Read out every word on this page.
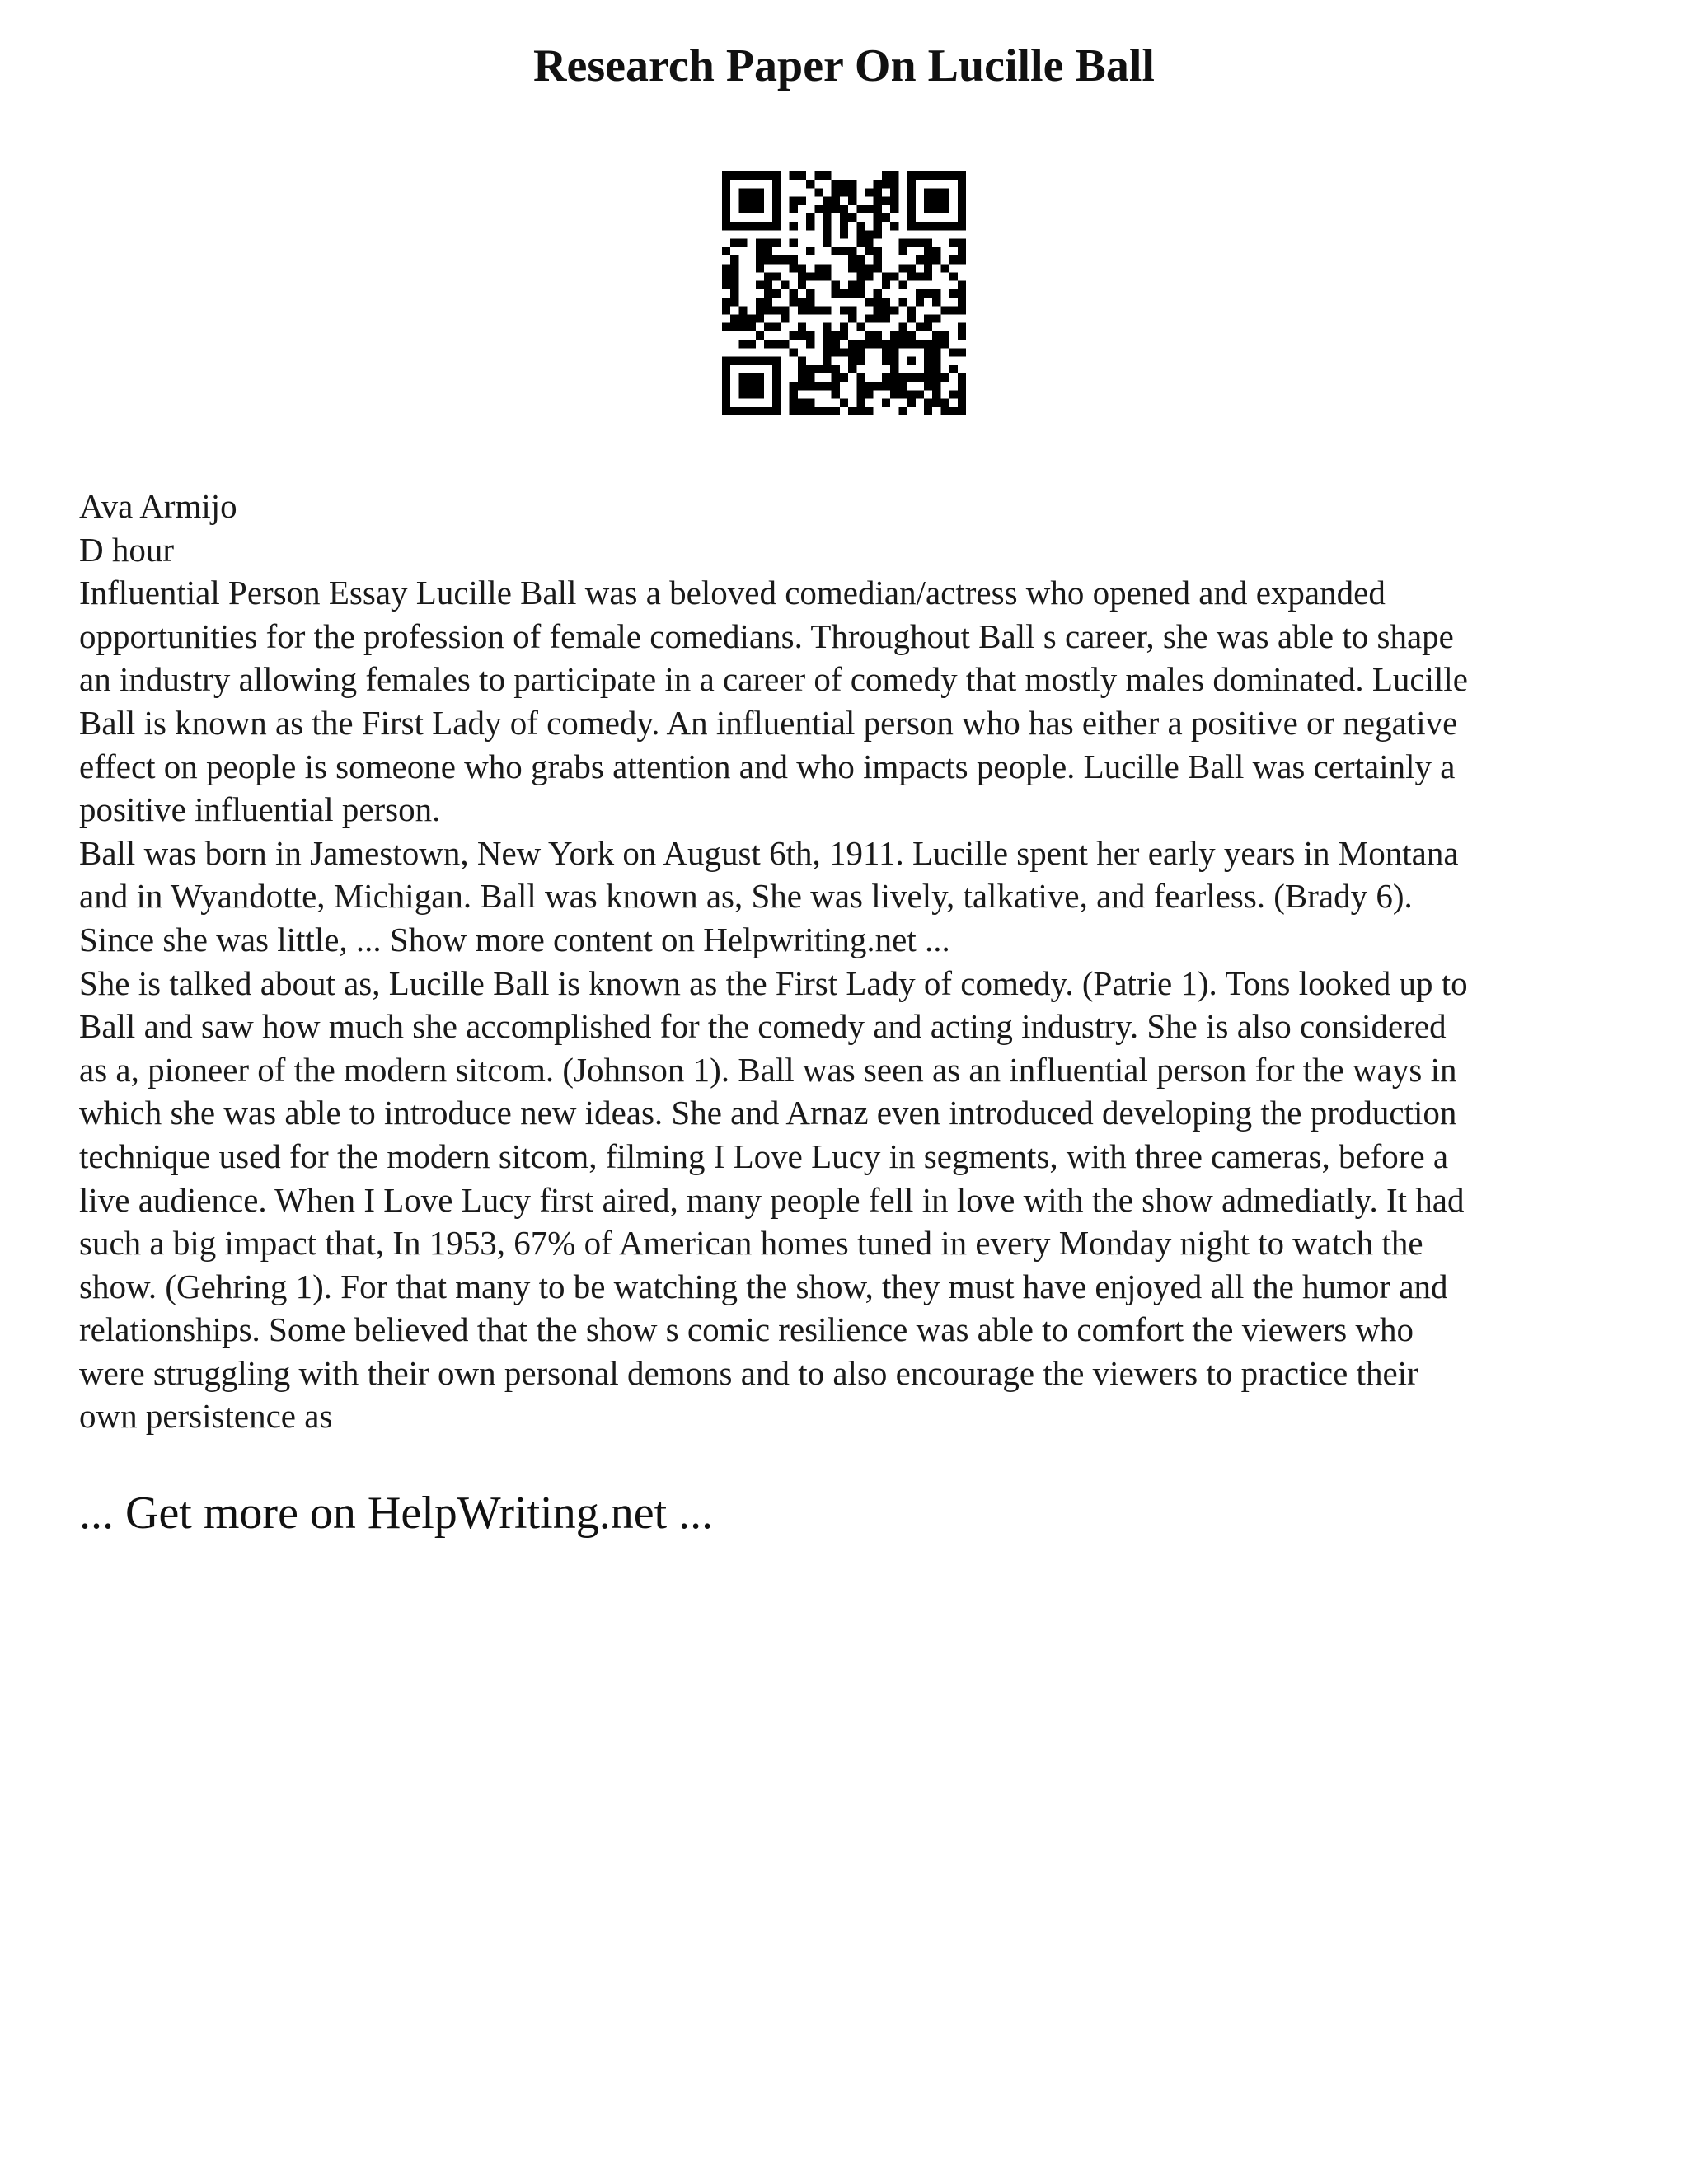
Research Paper On Lucille Ball
Ava Armijo
D hour
Influential Person Essay Lucille Ball was a beloved comedian/actress who opened and expanded
opportunities for the profession of female comedians. Throughout Ball s career, she was able to shape
an industry allowing females to participate in a career of comedy that mostly males dominated. Lucille
Ball is known as the First Lady of comedy. An influential person who has either a positive or negative
effect on people is someone who grabs attention and who impacts people. Lucille Ball was certainly a
positive influential person.
Ball was born in Jamestown, New York on August 6th, 1911. Lucille spent her early years in Montana
and in Wyandotte, Michigan. Ball was known as, She was lively, talkative, and fearless. (Brady 6).
Since she was little, ... Show more content on Helpwriting.net ...
She is talked about as, Lucille Ball is known as the First Lady of comedy. (Patrie 1). Tons looked up to
Ball and saw how much she accomplished for the comedy and acting industry. She is also considered
as a, pioneer of the modern sitcom. (Johnson 1). Ball was seen as an influential person for the ways in
which she was able to introduce new ideas. She and Arnaz even introduced developing the production
technique used for the modern sitcom, filming I Love Lucy in segments, with three cameras, before a
live audience. When I Love Lucy first aired, many people fell in love with the show admediatly. It had
such a big impact that, In 1953, 67% of American homes tuned in every Monday night to watch the
show. (Gehring 1). For that many to be watching the show, they must have enjoyed all the humor and
relationships. Some believed that the show s comic resilience was able to comfort the viewers who
were struggling with their own personal demons and to also encourage the viewers to practice their
own persistence as
... Get more on HelpWriting.net ...
